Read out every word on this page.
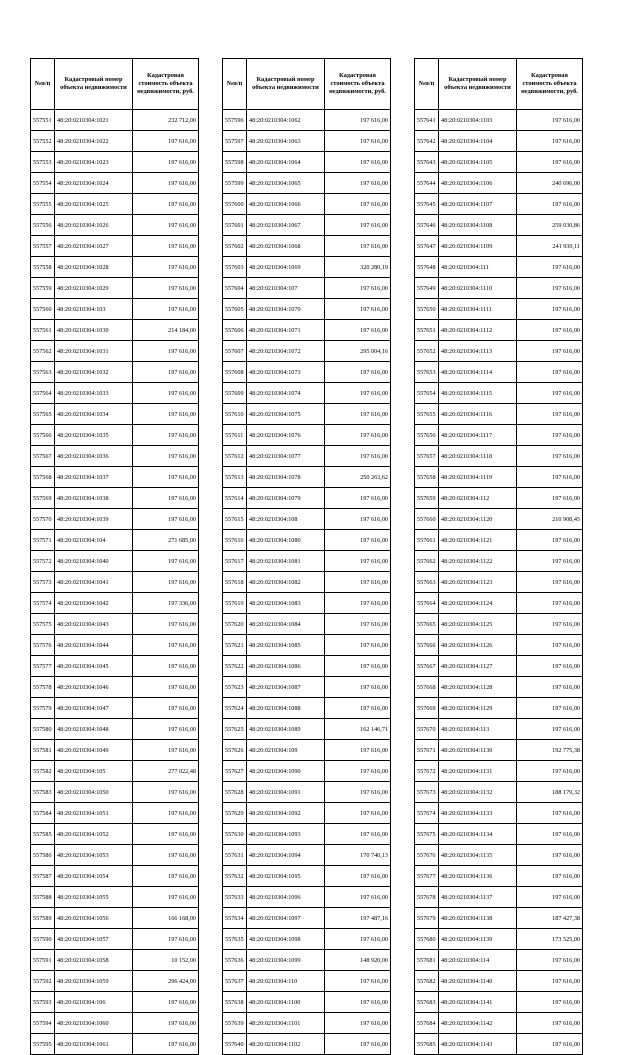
№п/п	Кадастровый номер объекта недвижимости	Кадастровая стоимость объекта недвижимости, руб.
557551	48:20:0210304:1021	232 712,00
557552	48:20:0210304:1022	197 616,00
557553	48:20:0210304:1023	197 616,00
557554	48:20:0210304:1024	197 616,00
557555	48:20:0210304:1025	197 616,00
557556	48:20:0210304:1026	197 616,00
557557	48:20:0210304:1027	197 616,00
557558	48:20:0210304:1028	197 616,00
557559	48:20:0210304:1029	197 616,00
557560	48:20:0210304:103	197 616,00
557561	48:20:0210304:1030	214 184,00
557562	48:20:0210304:1031	197 616,00
557563	48:20:0210304:1032	197 616,00
557564	48:20:0210304:1033	197 616,00
557565	48:20:0210304:1034	197 616,00
557566	48:20:0210304:1035	197 616,00
557567	48:20:0210304:1036	197 616,00
557568	48:20:0210304:1037	197 616,00
557569	48:20:0210304:1038	197 616,00
557570	48:20:0210304:1039	197 616,00
557571	48:20:0210304:104	271 685,00
557572	48:20:0210304:1040	197 616,00
557573	48:20:0210304:1041	197 616,00
557574	48:20:0210304:1042	197 336,00
557575	48:20:0210304:1043	197 616,00
557576	48:20:0210304:1044	197 616,00
557577	48:20:0210304:1045	197 616,00
557578	48:20:0210304:1046	197 616,00
557579	48:20:0210304:1047	197 616,00
557580	48:20:0210304:1048	197 616,00
557581	48:20:0210304:1049	197 616,00
557582	48:20:0210304:105	277 022,48
557583	48:20:0210304:1050	197 616,00
557584	48:20:0210304:1051	197 616,00
557585	48:20:0210304:1052	197 616,00
557586	48:20:0210304:1053	197 616,00
557587	48:20:0210304:1054	197 616,00
557588	48:20:0210304:1055	197 616,00
557589	48:20:0210304:1056	166 168,00
557590	48:20:0210304:1057	197 616,00
557591	48:20:0210304:1058	10 152,00
557592	48:20:0210304:1059	296 424,00
557593	48:20:0210304:106	197 616,00
557594	48:20:0210304:1060	197 616,00
557595	48:20:0210304:1061	197 616,00
№п/п	Кадастровый номер объекта недвижимости	Кадастровая стоимость объекта недвижимости, руб.
557596	48:20:0210304:1062	197 616,00
557597	48:20:0210304:1063	197 616,00
557598	48:20:0210304:1064	197 616,00
557599	48:20:0210304:1065	197 616,00
557600	48:20:0210304:1066	197 616,00
557601	48:20:0210304:1067	197 616,00
557602	48:20:0210304:1068	197 616,00
557603	48:20:0210304:1069	320 280,19
557604	48:20:0210304:107	197 616,00
557605	48:20:0210304:1070	197 616,00
557606	48:20:0210304:1071	197 616,00
557607	48:20:0210304:1072	295 004,16
557608	48:20:0210304:1073	197 616,00
557609	48:20:0210304:1074	197 616,00
557610	48:20:0210304:1075	197 616,00
557611	48:20:0210304:1076	197 616,00
557612	48:20:0210304:1077	197 616,00
557613	48:20:0210304:1078	250 263,62
557614	48:20:0210304:1079	197 616,00
557615	48:20:0210304:108	197 616,00
557616	48:20:0210304:1080	197 616,00
557617	48:20:0210304:1081	197 616,00
557618	48:20:0210304:1082	197 616,00
557619	48:20:0210304:1083	197 616,00
557620	48:20:0210304:1084	197 616,00
557621	48:20:0210304:1085	197 616,00
557622	48:20:0210304:1086	197 616,00
557623	48:20:0210304:1087	197 616,00
557624	48:20:0210304:1088	197 616,00
557625	48:20:0210304:1089	162 146,71
557626	48:20:0210304:109	197 616,00
557627	48:20:0210304:1090	197 616,00
557628	48:20:0210304:1091	197 616,00
557629	48:20:0210304:1092	197 616,00
557630	48:20:0210304:1093	197 616,00
557631	48:20:0210304:1094	170 740,13
557632	48:20:0210304:1095	197 616,00
557633	48:20:0210304:1096	197 616,00
557634	48:20:0210304:1097	197 487,16
557635	48:20:0210304:1098	197 616,00
557636	48:20:0210304:1099	148 920,00
557637	48:20:0210304:110	197 616,00
557638	48:20:0210304:1100	197 616,00
557639	48:20:0210304:1101	197 616,00
557640	48:20:0210304:1102	197 616,00
№п/п	Кадастровый номер объекта недвижимости	Кадастровая стоимость объекта недвижимости, руб.
557641	48:20:0210304:1103	197 616,00
557642	48:20:0210304:1104	197 616,00
557643	48:20:0210304:1105	197 616,00
557644	48:20:0210304:1106	240 696,00
557645	48:20:0210304:1107	197 616,00
557646	48:20:0210304:1108	259 030,86
557647	48:20:0210304:1109	241 930,11
557648	48:20:0210304:111	197 616,00
557649	48:20:0210304:1110	197 616,00
557650	48:20:0210304:1111	197 616,00
557651	48:20:0210304:1112	197 616,00
557652	48:20:0210304:1113	197 616,00
557653	48:20:0210304:1114	197 616,00
557654	48:20:0210304:1115	197 616,00
557655	48:20:0210304:1116	197 616,00
557656	48:20:0210304:1117	197 616,00
557657	48:20:0210304:1118	197 616,00
557658	48:20:0210304:1119	197 616,00
557659	48:20:0210304:112	197 616,00
557660	48:20:0210304:1120	210 908,45
557661	48:20:0210304:1121	197 616,00
557662	48:20:0210304:1122	197 616,00
557663	48:20:0210304:1123	197 616,00
557664	48:20:0210304:1124	197 616,00
557665	48:20:0210304:1125	197 616,00
557666	48:20:0210304:1126	197 616,00
557667	48:20:0210304:1127	197 616,00
557668	48:20:0210304:1128	197 616,00
557669	48:20:0210304:1129	197 616,00
557670	48:20:0210304:113	197 616,00
557671	48:20:0210304:1130	192 775,38
557672	48:20:0210304:1131	197 616,00
557673	48:20:0210304:1132	188 179,32
557674	48:20:0210304:1133	197 616,00
557675	48:20:0210304:1134	197 616,00
557676	48:20:0210304:1135	197 616,00
557677	48:20:0210304:1136	197 616,00
557678	48:20:0210304:1137	197 616,00
557679	48:20:0210304:1138	187 427,38
557680	48:20:0210304:1139	173 525,00
557681	48:20:0210304:114	197 616,00
557682	48:20:0210304:1140	197 616,00
557683	48:20:0210304:1141	197 616,00
557684	48:20:0210304:1142	197 616,00
557685	48:20:0210304:1143	197 616,00
